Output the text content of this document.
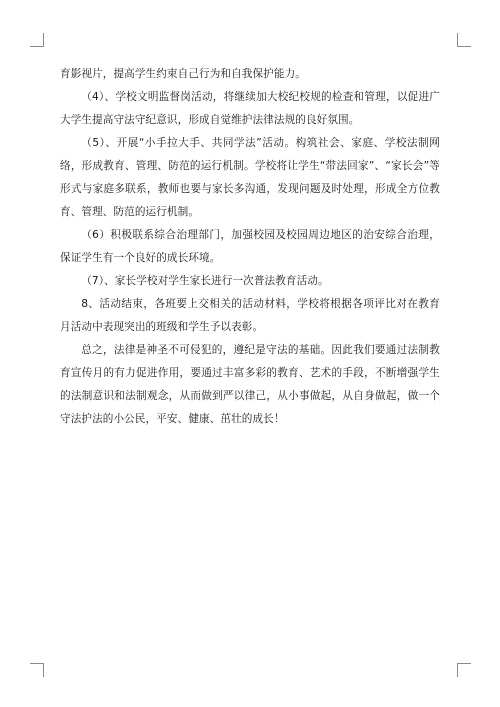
育影视片，提高学生约束自己行为和自我保护能力。

（4）、学校文明监督岗活动，将继续加大校纪校规的检查和管理，以促进广大学生提高守法守纪意识，形成自觉维护法律法规的良好氛围。

（5）、开展“小手拉大手、共同学法”活动。构筑社会、家庭、学校法制网络，形成教育、管理、防范的运行机制。学校将让学生“带法回家”、“家长会”等形式与家庭多联系，教师也要与家长多沟通，发现问题及时处理，形成全方位教育、管理、防范的运行机制。

（6）积极联系综合治理部门，加强校园及校园周边地区的治安综合治理，保证学生有一个良好的成长环境。

（7）、家长学校对学生家长进行一次普法教育活动。

8、活动结束，各班要上交相关的活动材料，学校将根据各项评比对在教育月活动中表现突出的班级和学生予以表彰。

总之，法律是神圣不可侵犯的，遵纪是守法的基础。因此我们要通过法制教育宣传月的有力促进作用，要通过丰富多彩的教育、艺术的手段，不断增强学生的法制意识和法制观念，从而做到严以律己，从小事做起，从自身做起，做一个守法护法的小公民，平安、健康、茁壮的成长！
